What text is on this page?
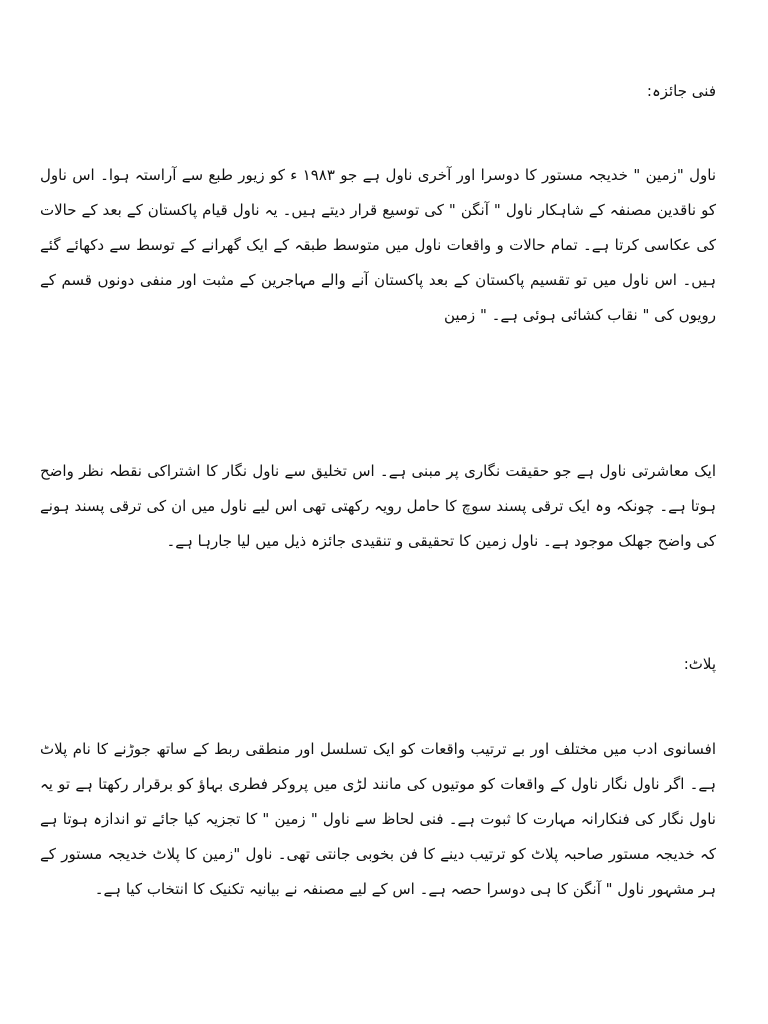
فنی جائزہ:

ناول "زمین " خدیجہ مستور کا دوسرا اور آخری ناول ہے جو ۱۹۸۳ ء کو زیور طبع سے آراستہ ہوا۔ اس ناول کو ناقدین مصنفہ کے شاہکار ناول " آنگن " کی توسیع قرار دیتے ہیں۔ یہ ناول قیام پاکستان کے بعد کے حالات کی عکاسی کرتا ہے۔ تمام حالات و واقعات ناول میں متوسط طبقہ کے ایک گھرانے کے توسط سے دکھائے گئے ہیں۔ اس ناول میں تو تقسیم پاکستان کے بعد پاکستان آنے والے مہاجرین کے مثبت اور منفی دونوں قسم کے رویوں کی " نقاب کشائی ہوئی ہے۔ " زمین

ایک معاشرتی ناول ہے جو حقیقت نگاری پر مبنی ہے۔ اس تخلیق سے ناول نگار کا اشتراکی نقطہ نظر واضح ہوتا ہے۔ چونکہ وہ ایک ترقی پسند سوچ کا حامل رویہ رکھتی تھی اس لیے ناول میں ان کی ترقی پسند ہونے کی واضح جھلک موجود ہے۔ ناول زمین کا تحقیقی و تنقیدی جائزہ ذیل میں لیا جارہا ہے۔

پلاٹ:

افسانوی ادب میں مختلف اور بے ترتیب واقعات کو ایک تسلسل اور منطقی ربط کے ساتھ جوڑنے کا نام پلاٹ ہے۔ اگر ناول نگار ناول کے واقعات کو موتیوں کی مانند لڑی میں پروکر فطری بہاؤ کو برقرار رکھتا ہے تو یہ ناول نگار کی فنکارانہ مہارت کا ثبوت ہے۔ فنی لحاظ سے ناول " زمین " کا تجزیہ کیا جائے تو اندازہ ہوتا ہے کہ خدیجہ مستور صاحبہ پلاٹ کو ترتیب دینے کا فن بخوبی جانتی تھی۔ ناول "زمین کا پلاٹ خدیجہ مستور کے ہر مشہور ناول " آنگن کا ہی دوسرا حصہ ہے۔ اس کے لیے مصنفہ نے بیانیہ تکنیک کا انتخاب کیا ہے۔
